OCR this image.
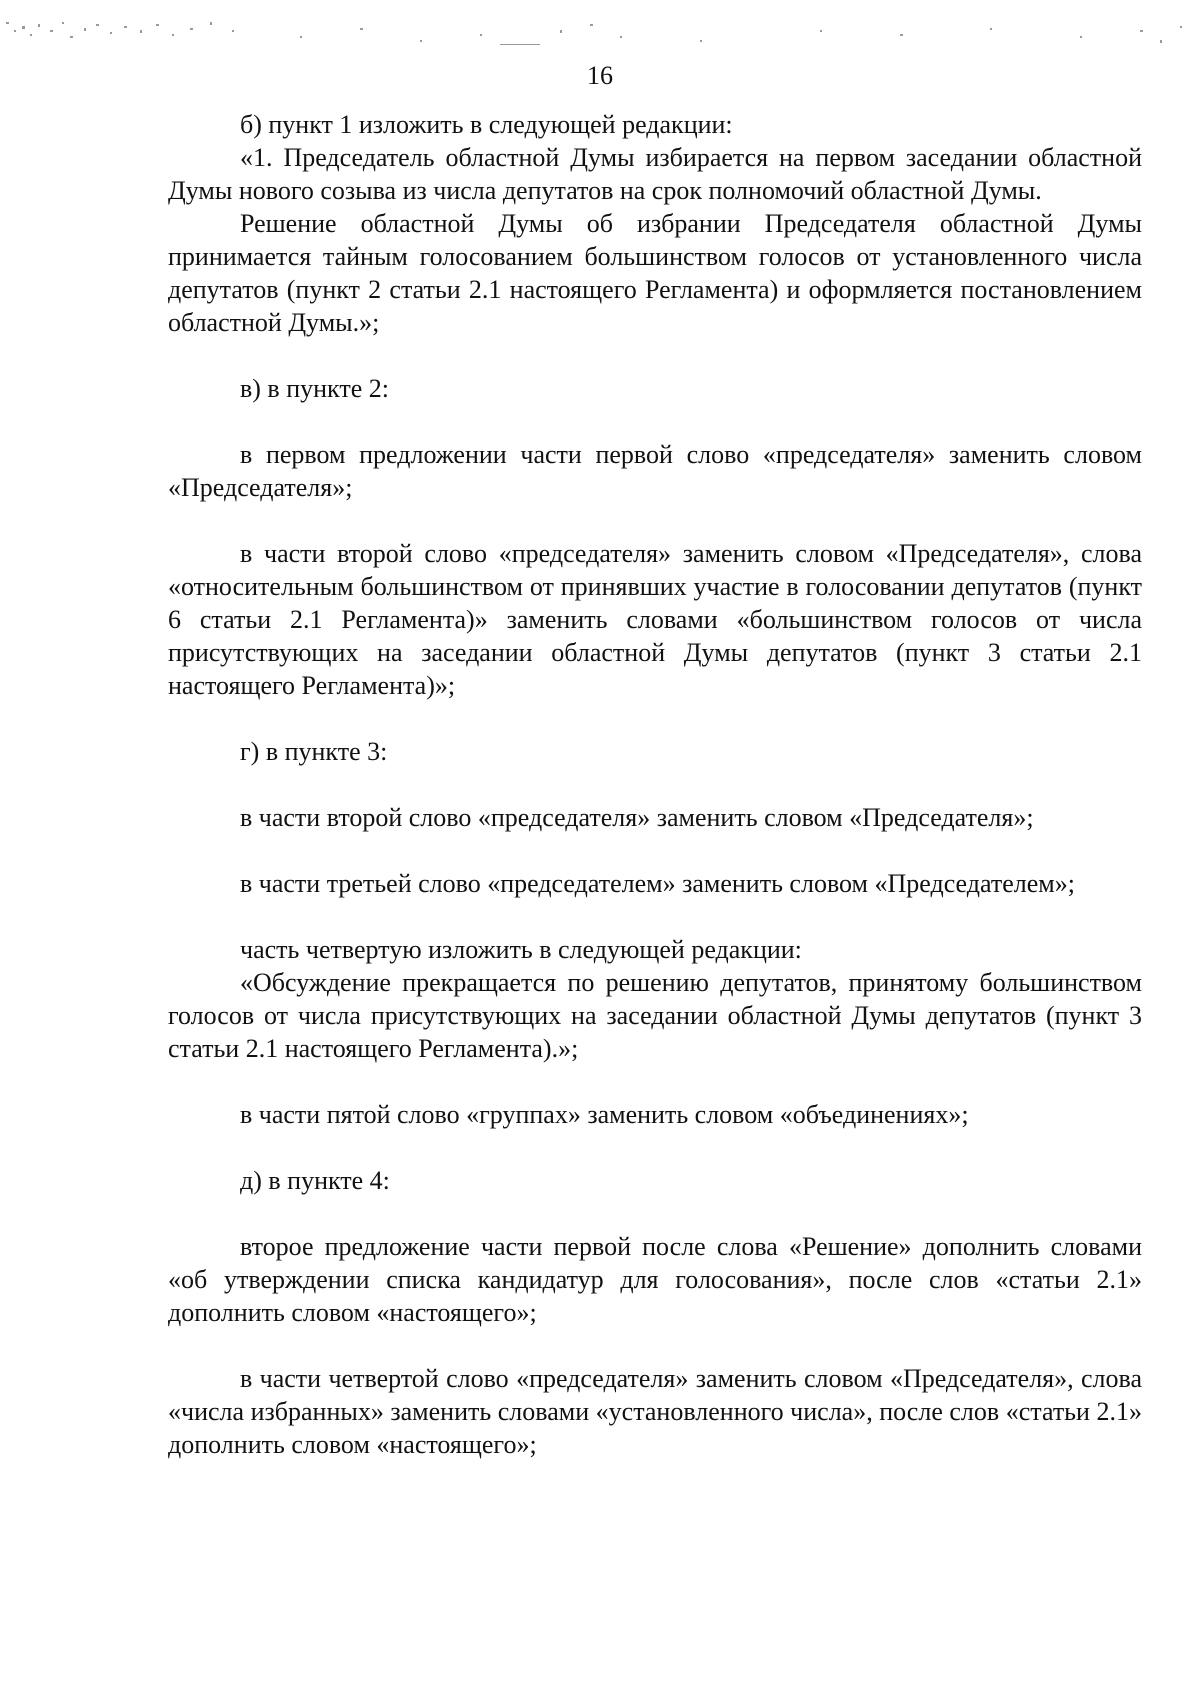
16

б) пункт 1 изложить в следующей редакции:

«1. Председатель областной Думы избирается на первом заседании областной Думы нового созыва из числа депутатов на срок полномочий областной Думы.

Решение областной Думы об избрании Председателя областной Думы принимается тайным голосованием большинством голосов от установленного числа депутатов (пункт 2 статьи 2.1 настоящего Регламента) и оформляется постановлением областной Думы.»;

в) в пункте 2:

в первом предложении части первой слово «председателя» заменить словом «Председателя»;

в части второй слово «председателя» заменить словом «Председателя», слова «относительным большинством от принявших участие в голосовании депутатов (пункт 6 статьи 2.1 Регламента)» заменить словами «большинством голосов от числа присутствующих на заседании областной Думы депутатов (пункт 3 статьи 2.1 настоящего Регламента)»;

г) в пункте 3:

в части второй слово «председателя» заменить словом «Председателя»;

в части третьей слово «председателем» заменить словом «Председателем»;

часть четвертую изложить в следующей редакции:

«Обсуждение прекращается по решению депутатов, принятому большинством голосов от числа присутствующих на заседании областной Думы депутатов (пункт 3 статьи 2.1 настоящего Регламента).»;

в части пятой слово «группах» заменить словом «объединениях»;

д) в пункте 4:

второе предложение части первой после слова «Решение» дополнить словами «об утверждении списка кандидатур для голосования», после слов «статьи 2.1» дополнить словом «настоящего»;

в части четвертой слово «председателя» заменить словом «Председателя», слова «числа избранных» заменить словами «установленного числа», после слов «статьи 2.1» дополнить словом «настоящего»;
